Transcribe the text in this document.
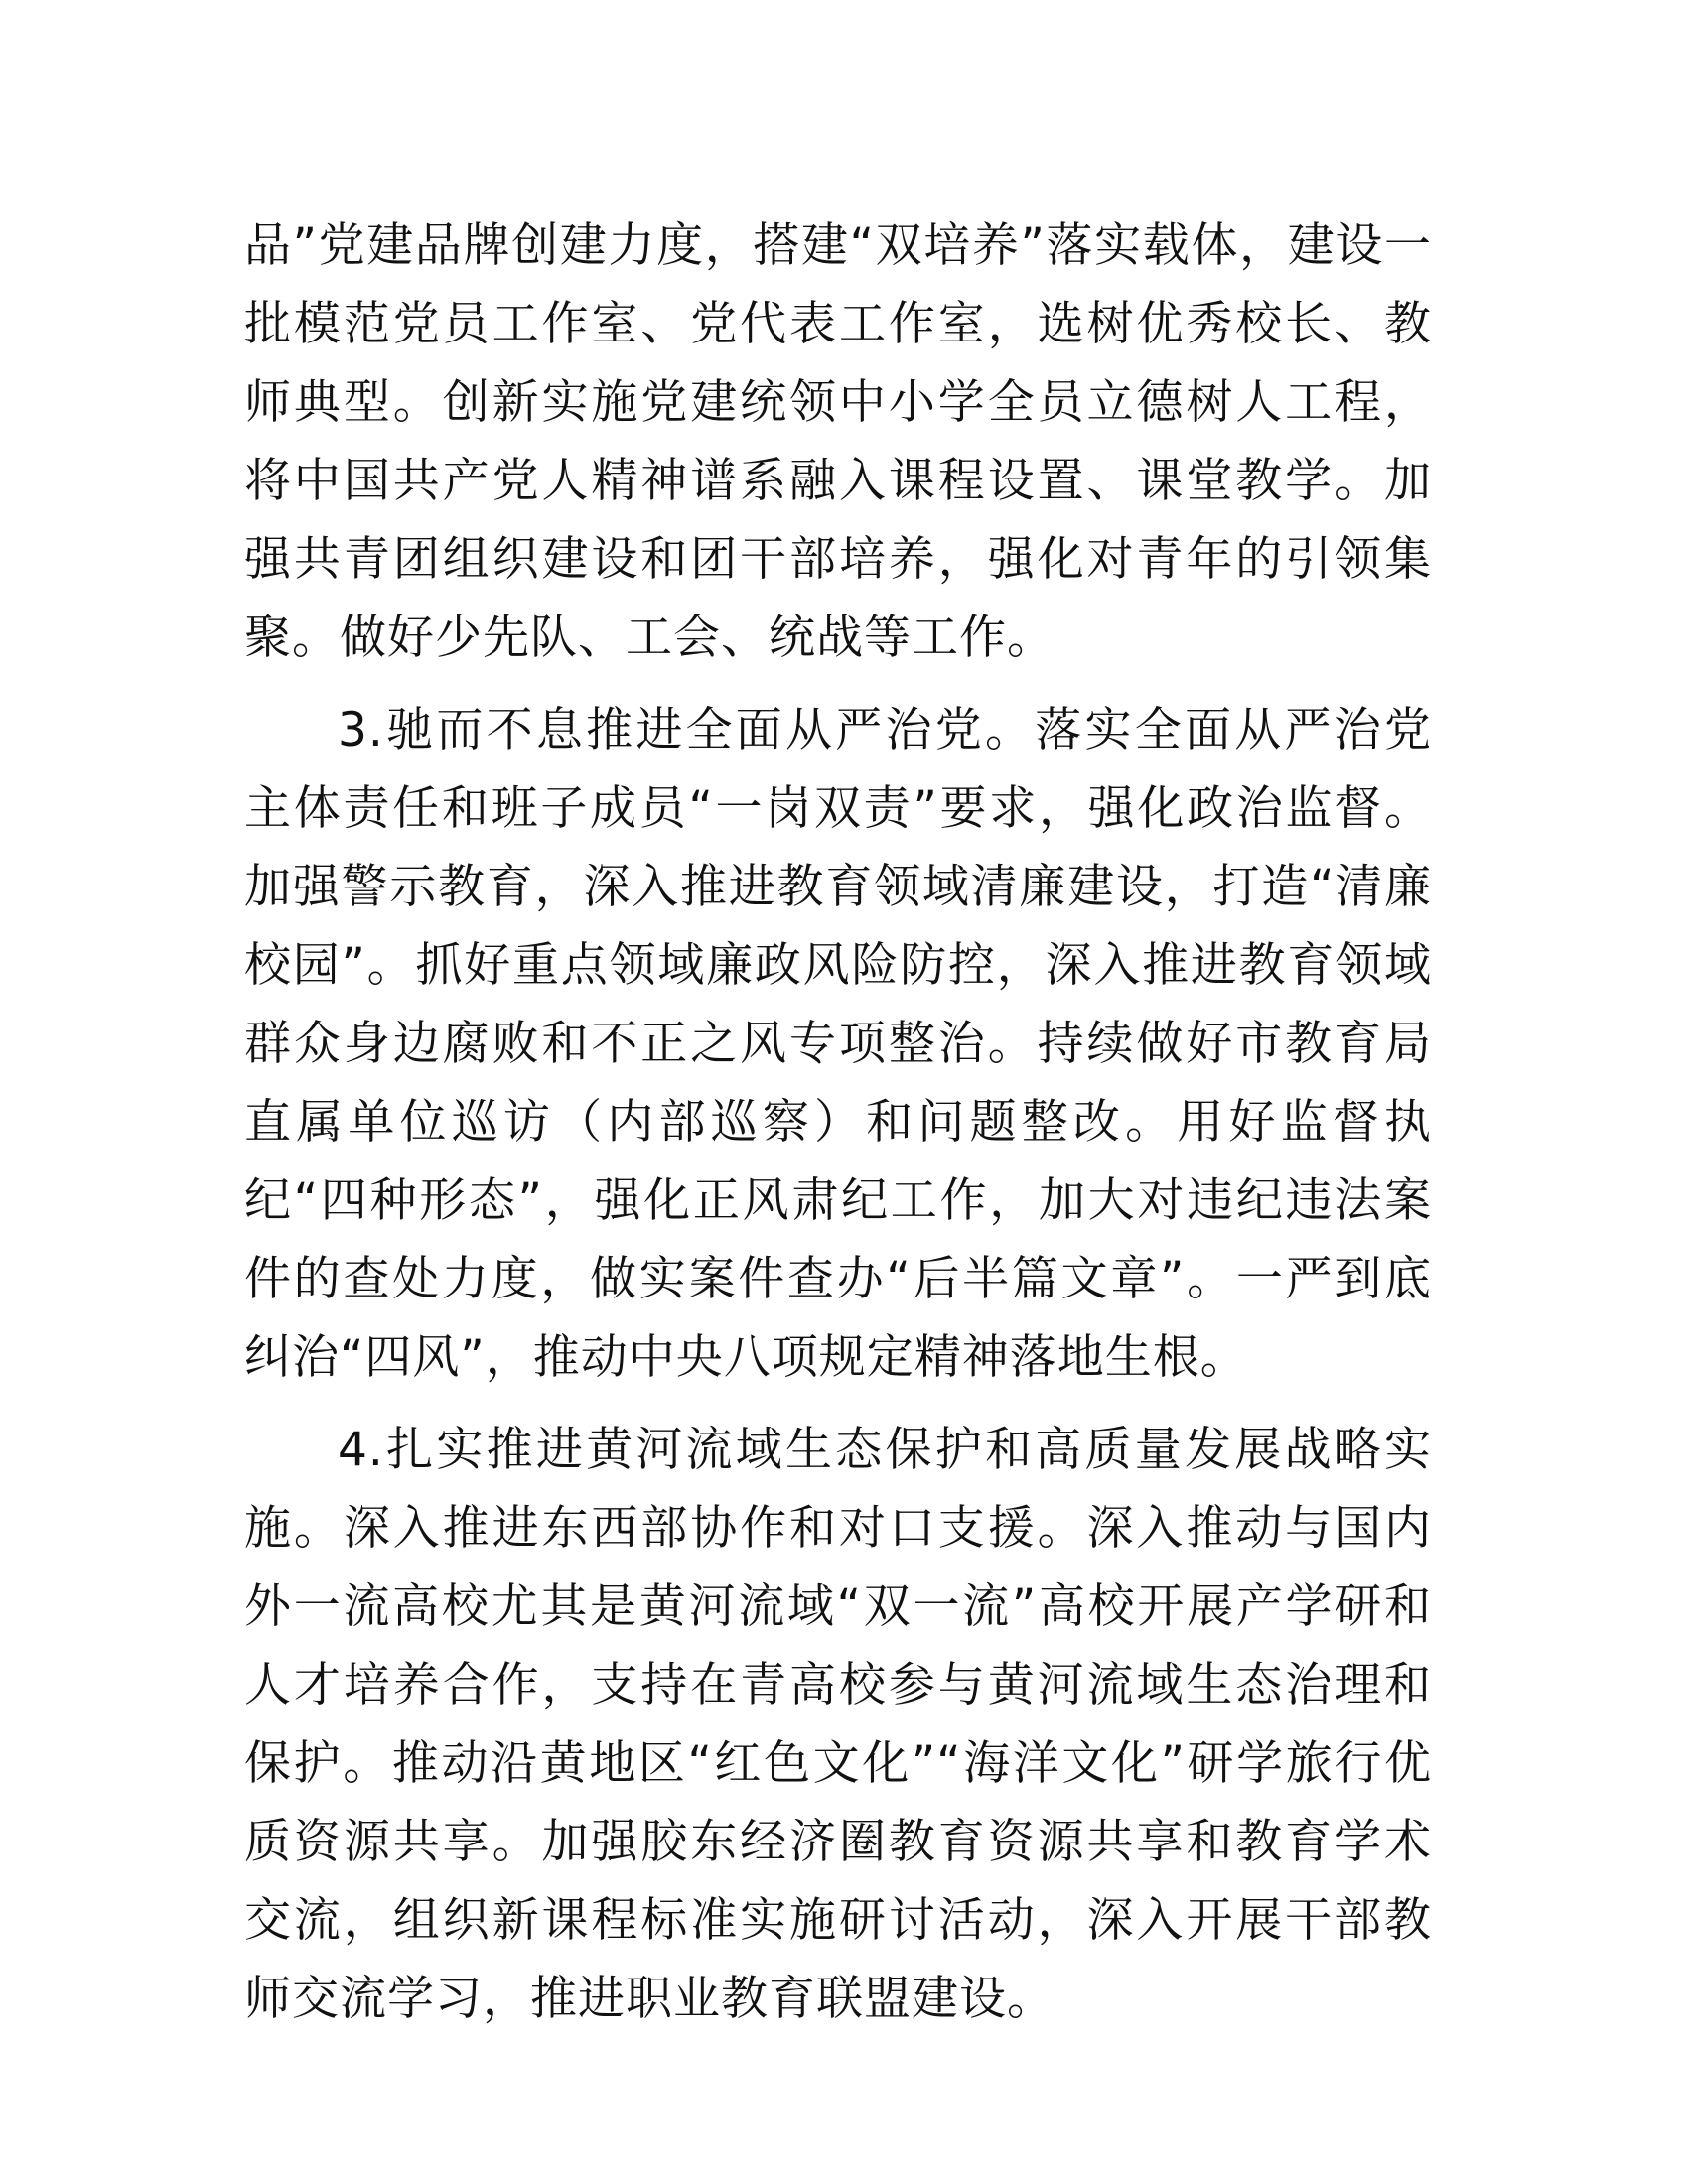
品”党建品牌创建力度，搭建“双培养”落实载体，建设一批模范党员工作室、党代表工作室，选树优秀校长、教师典型。创新实施党建统领中小学全员立德树人工程，将中国共产党人精神谱系融入课程设置、课堂教学。加强共青团组织建设和团干部培养，强化对青年的引领集聚。做好少先队、工会、统战等工作。

3.驰而不息推进全面从严治党。落实全面从严治党主体责任和班子成员“一岗双责”要求，强化政治监督。加强警示教育，深入推进教育领域清廉建设，打造“清廉校园”。抓好重点领域廉政风险防控，深入推进教育领域群众身边腐败和不正之风专项整治。持续做好市教育局直属单位巡访（内部巡察）和问题整改。用好监督执纪“四种形态”，强化正风肃纪工作，加大对违纪违法案件的查处力度，做实案件查办“后半篇文章”。一严到底纠治“四风”，推动中央八项规定精神落地生根。

4.扎实推进黄河流域生态保护和高质量发展战略实施。深入推进东西部协作和对口支援。深入推动与国内外一流高校尤其是黄河流域“双一流”高校开展产学研和人才培养合作，支持在青高校参与黄河流域生态治理和保护。推动沿黄地区“红色文化”“海洋文化”研学旅行优质资源共享。加强胶东经济圈教育资源共享和教育学术交流，组织新课程标准实施研讨活动，深入开展干部教师交流学习，推进职业教育联盟建设。
